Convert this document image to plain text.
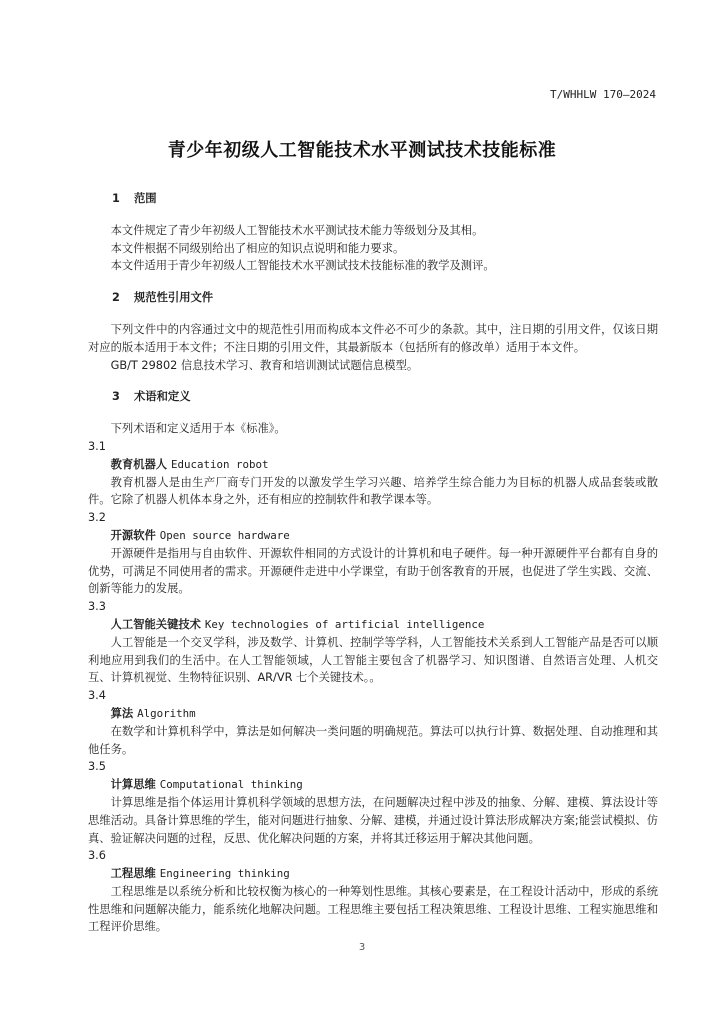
T/WHHLW 170—2024
青少年初级人工智能技术水平测试技术技能标准
1 范围

本文件规定了青少年初级人工智能技术水平测试技术能力等级划分及其相。

本文件根据不同级别给出了相应的知识点说明和能力要求。

本文件适用于青少年初级人工智能技术水平测试技术技能标准的教学及测评。

2 规范性引用文件

下列文件中的内容通过文中的规范性引用而构成本文件必不可少的条款。其中，注日期的引用文件，仅该日期对应的版本适用于本文件；不注日期的引用文件，其最新版本（包括所有的修改单）适用于本文件。

GB/T 29802 信息技术学习、教育和培训测试试题信息模型。

3 术语和定义

下列术语和定义适用于本《标准》。

3.1
教育机器人 Education robot

教育机器人是由生产厂商专门开发的以激发学生学习兴趣、培养学生综合能力为目标的机器人成品套装或散件。它除了机器人机体本身之外，还有相应的控制软件和教学课本等。

3.2
开源软件 Open source hardware

开源硬件是指用与自由软件、开源软件相同的方式设计的计算机和电子硬件。每一种开源硬件平台都有自身的优势，可满足不同使用者的需求。开源硬件走进中小学课堂，有助于创客教育的开展，也促进了学生实践、交流、创新等能力的发展。

3.3
人工智能关键技术 Key technologies of artificial intelligence

人工智能是一个交叉学科，涉及数学、计算机、控制学等学科，人工智能技术关系到人工智能产品是否可以顺利地应用到我们的生活中。在人工智能领域，人工智能主要包含了机器学习、知识图谱、自然语言处理、人机交互、计算机视觉、生物特征识别、AR/VR 七个关键技术。。

3.4
算法 Algorithm

在数学和计算机科学中，算法是如何解决一类问题的明确规范。算法可以执行计算、数据处理、自动推理和其他任务。

3.5
计算思维 Computational thinking

计算思维是指个体运用计算机科学领域的思想方法，在问题解决过程中涉及的抽象、分解、建模、算法设计等思维活动。具备计算思维的学生，能对问题进行抽象、分解、建模，并通过设计算法形成解决方案;能尝试模拟、仿真、验证解决问题的过程，反思、优化解决问题的方案，并将其迁移运用于解决其他问题。

3.6
工程思维 Engineering thinking

工程思维是以系统分析和比较权衡为核心的一种筹划性思维。其核心要素是，在工程设计活动中，形成的系统性思维和问题解决能力，能系统化地解决问题。工程思维主要包括工程决策思维、工程设计思维、工程实施思维和工程评价思维。

3
